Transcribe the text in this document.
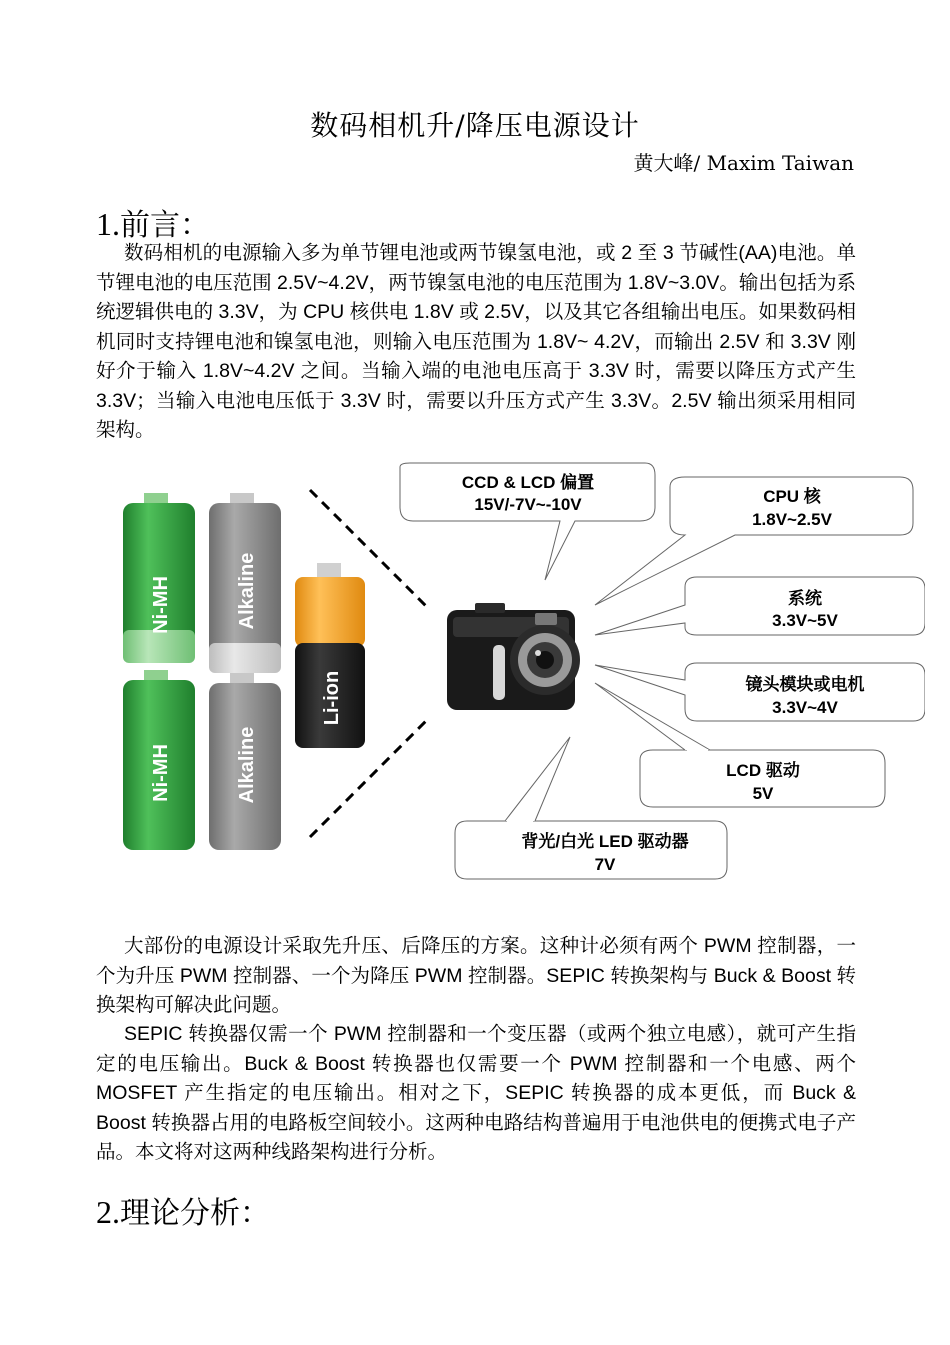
数码相机升/降压电源设计
黄大峰/ Maxim Taiwan
1.前言：

数码相机的电源输入多为单节锂电池或两节镍氢电池，或 2 至 3 节碱性(AA)电池。单节锂电池的电压范围 2.5V~4.2V，两节镍氢电池的电压范围为 1.8V~3.0V。输出包括为系统逻辑供电的 3.3V，为 CPU 核供电 1.8V 或 2.5V，以及其它各组输出电压。如果数码相机同时支持锂电池和镍氢电池，则输入电压范围为 1.8V~ 4.2V，而输出 2.5V 和 3.3V 刚好介于输入 1.8V~4.2V 之间。当输入端的电池电压高于 3.3V 时，需要以降压方式产生 3.3V；当输入电池电压低于 3.3V 时，需要以升压方式产生 3.3V。2.5V 输出须采用相同架构。

Ni-MH	Alkaline
Li-ion
Ni-MH	Alkaline
CCD & LCD 偏置
15V/-7V~-10V	CPU 核
1.8V~2.5V
系统
3.3V~5V
镜头模块或电机
3.3V~4V
LCD 驱动
5V
背光/白光 LED 驱动器
7V

大部份的电源设计采取先升压、后降压的方案。这种计必须有两个 PWM 控制器，一个为升压 PWM 控制器、一个为降压 PWM 控制器。SEPIC 转换架构与 Buck & Boost 转换架构可解决此问题。

SEPIC 转换器仅需一个 PWM 控制器和一个变压器（或两个独立电感），就可产生指定的电压输出。Buck & Boost 转换器也仅需要一个 PWM 控制器和一个电感、两个 MOSFET 产生指定的电压输出。相对之下，SEPIC 转换器的成本更低，而 Buck & Boost 转换器占用的电路板空间较小。这两种电路结构普遍用于电池供电的便携式电子产品。本文将对这两种线路架构进行分析。

2.理论分析：
